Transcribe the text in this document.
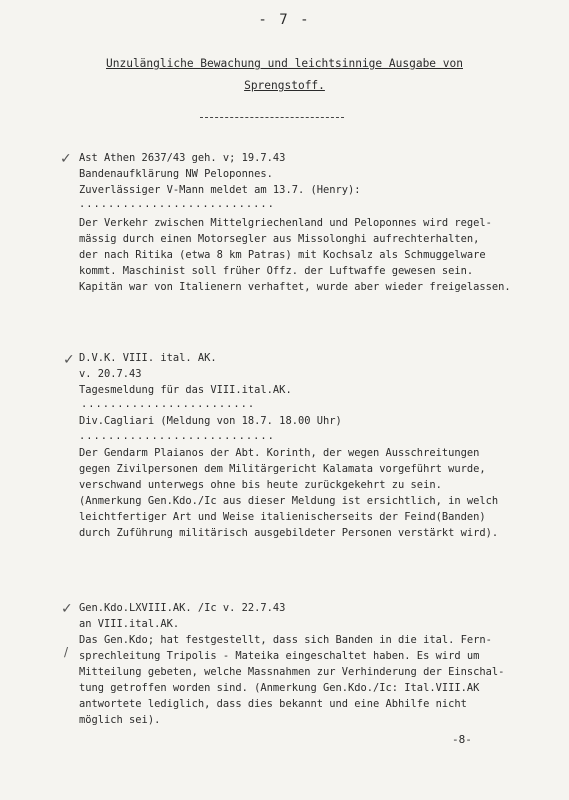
- 7 -
Unzulängliche Bewachung und leichtsinnige Ausgabe von
Sprengstoff.
✓ Ast Athen 2637/43 geh. v; 19.7.43
Bandenaufklärung NW Peloponnes.
Zuverlässiger V-Mann meldet am 13.7. (Henry):
...........................
Der Verkehr zwischen Mittelgriechenland und Peloponnes wird regel-
mässig durch einen Motorsegler aus Missolonghi aufrechterhalten,
der nach Ritika (etwa 8 km Patras) mit Kochsalz als Schmuggelware
kommt. Maschinist soll früher Offz. der Luftwaffe gewesen sein.
Kapitän war von Italienern verhaftet, wurde aber wieder freigelassen.
✓ D.V.K. VIII. ital. AK.
v. 20.7.43
Tagesmeldung für das VIII.ital.AK.
........................
Div.Cagliari (Meldung von 18.7. 18.00 Uhr)
...........................
Der Gendarm Plaianos der Abt. Korinth, der wegen Ausschreitungen
gegen Zivilpersonen dem Militärgericht Kalamata vorgeführt wurde,
verschwand unterwegs ohne bis heute zurückgekehrt zu sein.
(Anmerkung Gen.Kdo./Ic aus dieser Meldung ist ersichtlich, in welch
leichtfertiger Art und Weise italienischerseits der Feind(Banden)
durch Zuführung militärisch ausgebildeter Personen verstärkt wird).
✓ Gen.Kdo.LXVIII.AK. /Ic v. 22.7.43
an VIII.ital.AK.
Das Gen.Kdo; hat festgestellt, dass sich Banden in die ital. Fern-
/ sprechleitung Tripolis - Mateika eingeschaltet haben. Es wird um
Mitteilung gebeten, welche Massnahmen zur Verhinderung der Einschal-
tung getroffen worden sind. (Anmerkung Gen.Kdo./Ic: Ital.VIII.AK
antwortete lediglich, dass dies bekannt und eine Abhilfe nicht
möglich sei).
-8-
